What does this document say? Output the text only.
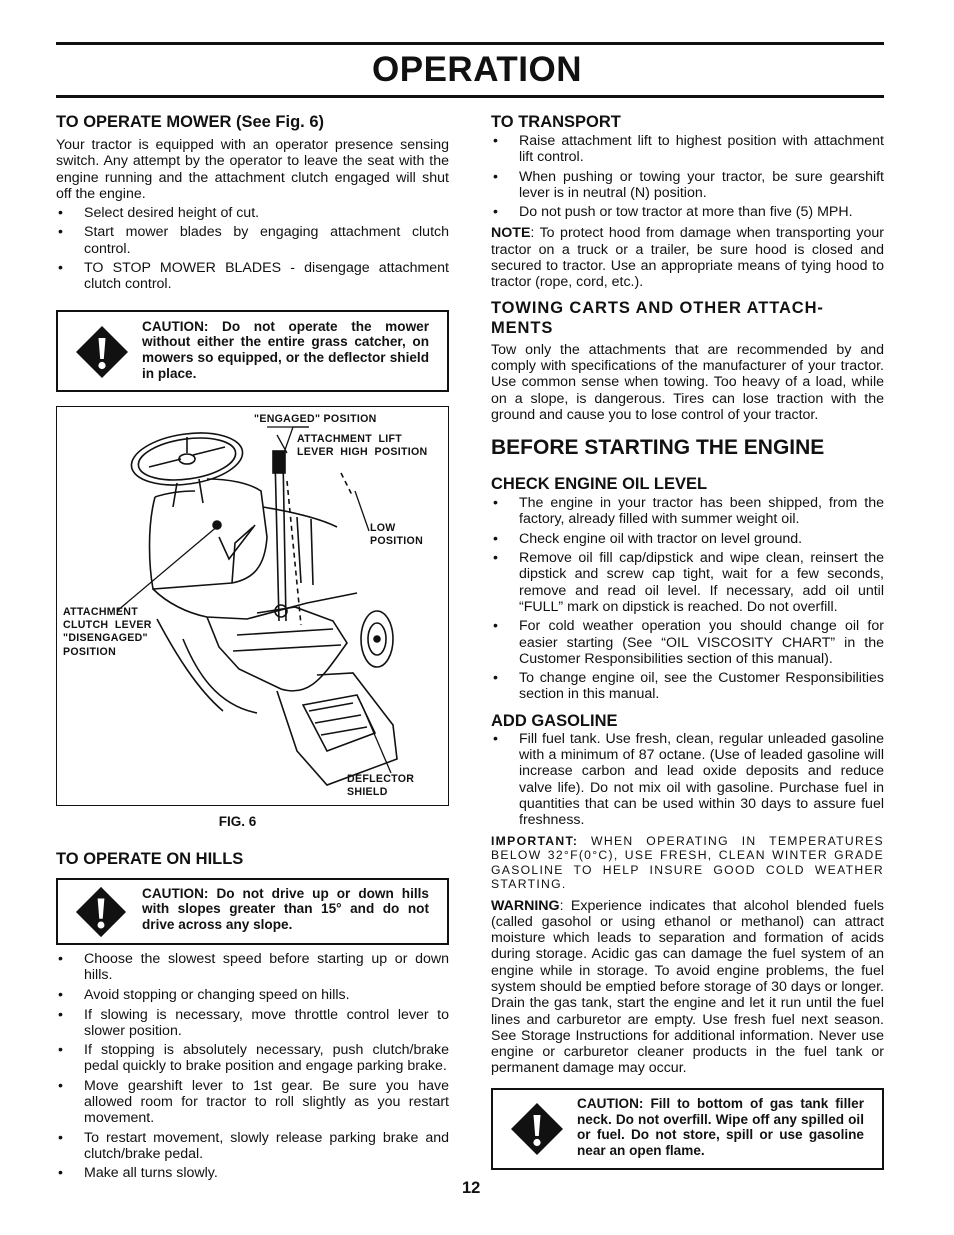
OPERATION
TO OPERATE MOWER (See Fig. 6)

Your tractor is equipped with an operator presence sensing switch. Any attempt by the operator to leave the seat with the engine running and the attachment clutch engaged will shut off the engine.

• Select desired height of cut.
• Start mower blades by engaging attachment clutch control.
• TO STOP MOWER BLADES - disengage attachment clutch control.
CAUTION: Do not operate the mower without either the entire grass catcher, on mowers so equipped, or the deflector shield in place.
"ENGAGED" POSITION
ATTACHMENT  LIFT
LEVER  HIGH  POSITION
LOW
POSITION
ATTACHMENT
CLUTCH  LEVER
"DISENGAGED"
POSITION
DEFLECTOR
SHIELD
FIG. 6
TO OPERATE ON HILLS
CAUTION: Do not drive up or down hills with slopes greater than 15° and do not drive across any slope.
• Choose the slowest speed before starting up or down hills.
• Avoid stopping or changing speed on hills.
• If slowing is necessary, move throttle control lever to slower position.
• If stopping is absolutely necessary, push clutch/brake pedal quickly to brake position and engage parking brake.
• Move gearshift lever to 1st gear. Be sure you have allowed room for tractor to roll slightly as you restart movement.
• To restart movement, slowly release parking brake and clutch/brake pedal.
• Make all turns slowly.
TO TRANSPORT
• Raise attachment lift to highest position with attachment lift control.
• When pushing or towing your tractor, be sure gearshift lever is in neutral (N) position.
• Do not push or tow tractor at more than five (5) MPH.

NOTE: To protect hood from damage when transporting your tractor on a truck or a trailer, be sure hood is closed and secured to tractor. Use an appropriate means of tying hood to tractor (rope, cord, etc.).

TOWING CARTS AND OTHER ATTACH-
MENTS

Tow only the attachments that are recommended by and comply with specifications of the manufacturer of your tractor. Use common sense when towing. Too heavy of a load, while on a slope, is dangerous. Tires can lose traction with the ground and cause you to lose control of your tractor.

BEFORE STARTING THE ENGINE
CHECK ENGINE OIL LEVEL
• The engine in your tractor has been shipped, from the factory, already filled with summer weight oil.
• Check engine oil with tractor on level ground.
• Remove oil fill cap/dipstick and wipe clean, reinsert the dipstick and screw cap tight, wait for a few seconds, remove and read oil level. If necessary, add oil until “FULL” mark on dipstick is reached. Do not overfill.
• For cold weather operation you should change oil for easier starting (See “OIL VISCOSITY CHART” in the Customer Responsibilities section of this manual).
• To change engine oil, see the Customer Responsibilities section in this manual.
ADD GASOLINE
• Fill fuel tank. Use fresh, clean, regular unleaded gasoline with a minimum of 87 octane. (Use of leaded gasoline will increase carbon and lead oxide deposits and reduce valve life). Do not mix oil with gasoline. Purchase fuel in quantities that can be used within 30 days to assure fuel freshness.

IMPORTANT: WHEN OPERATING IN TEMPERATURES BELOW 32°F(0°C), USE FRESH, CLEAN WINTER GRADE GASOLINE TO HELP INSURE GOOD COLD WEATHER STARTING.

WARNING: Experience indicates that alcohol blended fuels (called gasohol or using ethanol or methanol) can attract moisture which leads to separation and formation of acids during storage. Acidic gas can damage the fuel system of an engine while in storage. To avoid engine problems, the fuel system should be emptied before storage of 30 days or longer. Drain the gas tank, start the engine and let it run until the fuel lines and carburetor are empty. Use fresh fuel next season. See Storage Instructions for additional information. Never use engine or carburetor cleaner products in the fuel tank or permanent damage may occur.

CAUTION: Fill to bottom of gas tank filler neck. Do not overfill. Wipe off any spilled oil or fuel. Do not store, spill or use gasoline near an open flame.
12
